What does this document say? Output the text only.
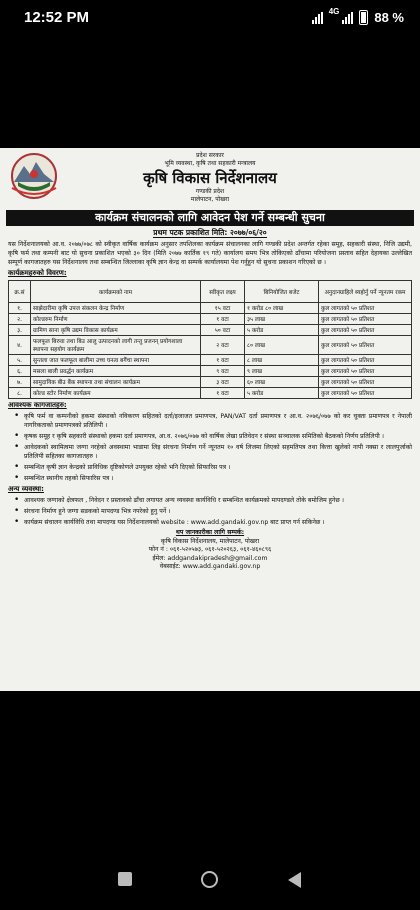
12:52 PM	4G	88 %
प्रदेश सरकार
भूमि व्यवस्था, कृषि तथा सहकारी मन्त्रालय
कृषि विकास निर्देशनालय
गण्डकी प्रदेश
मालेपाटन, पोखरा
कार्यक्रम संचालनको लागि आवेदन पेश गर्ने सम्बन्धी सुचना
प्रथम पटक प्रकाशित मिति: २०७७/०६/२०

यस निर्देशनालयको आ.व. २०७७/०७८ को स्वीकृत वार्षिक कार्यक्रम अनुसार तपशिलका कार्यक्रम संचालनका लागि गण्डकी प्रदेश अन्तर्गत रहेका समूह, सहकारी संस्था, निजि उद्यमी, कृषि फर्म तथा कम्पनी बाट यो सुचना प्रकाशित भएको ३० दिन (मिति २०७७ कार्तिक १९ गते) कार्यालय समय भित्र तोकिएको ढाँचामा परियोजना प्रस्ताव सहित देहायका उल्लेखित सम्पूर्ण कागजातहरु यस निर्देशनालय तथा सम्बन्धित जिल्लाका कृषि ज्ञान केन्द्र वा सम्पर्क कार्यालयमा पेश गर्नुहुन यो सुचना प्रकाशन गरिएको छ ।

कार्यक्रमहरुको विवरण:
क्र.सं	कार्यक्रमको नाम	स्वीकृत लक्ष्य	बिनियोजित बजेट	अनुदानग्राहिले ब्यहोर्नु पर्ने न्यूनतम रकम
१.	साझेदारीमा कृषि उपज संकलन केन्द्र निर्माण	१५ वटा	१ करोड ८० लाख	कुल लागतको ५० प्रतिशत
२.	कोल्डरुम निर्माण	१ वटा	३५ लाख	कुल लागतको ५० प्रतिशत
३.	ग्रामिण साना कृषि उद्यम विकास कार्यक्रम	५० वटा	५ करोड	कुल लागतको ५० प्रतिशत
४.	फलफूल बिरुवा तथा बिउ आलु उत्पादनको लागी तन्तु प्रजनन् प्रयोगशाला स्थापना सहयोग कार्यक्रम	२ वटा	८० लाख	कुल लागतको ५० प्रतिशत
५.	सुन्तला जात फलफूल बालीमा उच्च घनत्व बगैंचा स्थापना	१ वटा	८ लाख	कुल लागतको ५० प्रतिशत
६.	मसला बाली प्रवर्द्धन कार्यक्रम	९ वटा	९ लाख	कुल लागतको ५० प्रतिशत
७.	सामुदायिक बीउ बैंक स्थापना तथा संचालन कार्यक्रम	३ वटा	६० लाख	कुल लागतको ५० प्रतिशत
८.	कोल्ड स्टोर निर्माण कार्यक्रम	१ वटा	५ करोड	कुल लागतको ५० प्रतिशत
आवश्यक कागजातहरु:
• कृषि फर्म वा कम्पनीको हकमा संस्थाको नविकरण सहितको दर्ता/इजाजत प्रमाणपत्र, PAN/VAT दर्ता प्रमाणपत्र र आ.व. २०७६/०७७ को कर चुक्ता प्रमाणपत्र र नेपाली नागरिकताको प्रमाणपत्रको प्रतिलिपी ।
• कृषक समूह र कृषि सहकारी संस्थाको हकमा दर्ता प्रमाणपत्र, आ.व. २०७६/०७७ को वार्षिक लेखा प्रतिवेदन र संस्था सञ्चालक समितिको बैठकको निर्णय प्रतिलिपी ।
• आवेदकको स्वामित्वमा जग्गा नरहेको अवस्थामा भाडामा लिइ संरचना निर्माण गर्ने न्यूनतम १० वर्ष लिजमा लिएको सहमतिपत्र तथा कित्ता खुलेको नापी नक्सा र लालपुर्जाको प्रतिलिपी सहितका कागजातहरु ।
• सम्बन्धित कृषी ज्ञान केन्द्रको प्राविधिक दृष्टिकोणले उपयुक्त रहेको भनि दिएको सिफारिस पत्र ।
• सम्बन्धित स्थानीय तहको सिफारिस पत्र ।
अन्य व्यवस्था:
• आवश्यक जग्गाको क्षेत्रफल , निवेदन र प्रस्तावको ढाँचा लगायत अन्य व्यवस्था कार्यविधि र सम्बन्धित कार्यक्रमको मापदण्डले तोके बमोजिम हुनेछ ।
• संरचना निर्माण हुने जग्गा सडकको मापदण्ड भित्र नपरेको हुनु पर्ने ।
• कार्यक्रम संचालन कार्यविधि तथा मापदण्ड यस निर्देशनालयको website : www.add.gandaki.gov.np बाट प्राप्त गर्न सकिनेछ ।
थप जानकारीका लागि सम्पर्क:
कृषि विकास निर्देशनालय, मालेपाटन, पोखरा
फोन नं : ०६१-५२०५७३, ०६१-५२०२६३, ०६१-४६०८९६
ईमेल: addgandakipradesh@gmail.com
वेबसाईट: www.add.gandaki.gov.np
